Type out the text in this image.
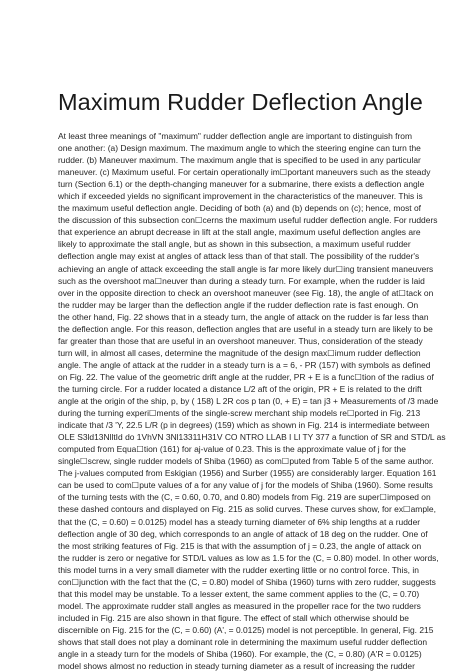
Maximum Rudder Deflection Angle
At least three meanings of "maximum" rudder deflection angle are important to distinguish from
one another: (a) Design maximum. The maximum angle to which the steering engine can turn the
rudder. (b) Maneuver maximum. The maximum angle that is specified to be used in any particular
maneuver. (c) Maximum useful. For certain operationally im☐portant maneuvers such as the steady
turn (Section 6.1) or the depth-changing maneuver for a submarine, there exists a deflection angle
which if exceeded yields no significant improvement in the characteristics of the maneuver. This is
the maximum useful deflection angle. Deciding of both (a) and (b) depends on (c); hence, most of
the discussion of this subsection con☐cerns the maximum useful rudder deflection angle. For rudders
that experience an abrupt decrease in lift at the stall angle, maximum useful deflection angles are
likely to approximate the stall angle, but as shown in this subsection, a maximum useful rudder
deflection angle may exist at angles of attack less than of that stall. The possibility of the rudder's
achieving an angle of attack exceeding the stall angle is far more likely dur☐ing transient maneuvers
such as the overshoot ma☐neuver than during a steady turn. For example, when the rudder is laid
over in the opposite direction to check an overshoot maneuver (see Fig. 18), the angle of at☐tack on
the rudder may be larger than the deflection angle if the rudder deflection rate is fast enough. On
the other hand, Fig. 22 shows that in a steady turn, the angle of attack on the rudder is far less than
the deflection angle. For this reason, deflection angles that are useful in a steady turn are likely to be
far greater than those that are useful in an overshoot maneuver. Thus, consideration of the steady
turn will, in almost all cases, determine the magnitude of the design max☐imum rudder deflection
angle. The angle of attack at the rudder in a steady turn is a = 6, - PR (157) with symbols as defined
on Fig. 22. The value of the geometric drift angle at the rudder, PR + E is a func☐tion of the radius of
the turning circle. For a rudder located a distance L/2 aft of the origin, PR + E is related to the drift
angle at the origin of the ship, p, by ( 158) L 2R cos p tan (0, + E) = tan j3 + Measurements of /3 made
during the turning experi☐ments of the single-screw merchant ship models re☐ported in Fig. 213
indicate that /3 'Y, 22.5 L/R (p in degrees) (159) which as shown in Fig. 214 is intermediate between
OLE S3ld13NlltId do 1VhVN 3Nl13311H31V CO NTRO LLAB I Ll TY 377 a function of SR and STD/L as
computed from Equa☐tion (161) for aj-value of 0.23. This is the approximate value of j for the
single☐screw, single rudder models of Shiba (1960) as com☐puted from Table 5 of the same author.
The j-values computed from Eskigian (1956) and Surber (1955) are considerably larger. Equation 161
can be used to com☐pute values of a for any value of j for the models of Shiba (1960). Some results
of the turning tests with the (C, = 0.60, 0.70, and 0.80) models from Fig. 219 are super☐imposed on
these dashed contours and displayed on Fig. 215 as solid curves. These curves show, for ex☐ample,
that the (C, = 0.60) = 0.0125) model has a steady turning diameter of 6% ship lengths at a rudder
deflection angle of 30 deg, which corresponds to an angle of attack of 18 deg on the rudder. One of
the most striking features of Fig. 215 is that with the assumption of j = 0.23, the angle of attack on
the rudder is zero or negative for STD/L values as low as 1.5 for the (C, = 0.80) model. In other words,
this model turns in a very small diameter with the rudder exerting little or no control force. This, in
con☐junction with the fact that the (C, = 0.80) model of Shiba (1960) turns with zero rudder, suggests
that this model may be unstable. To a lesser extent, the same comment applies to the (C, = 0.70)
model. The approximate rudder stall angles as measured in the propeller race for the two rudders
included in Fig. 215 are also shown in that figure. The effect of stall which otherwise should be
discernible on Fig. 215 for the (C, = 0.60) (A', = 0.0125) model is not perceptible. In general, Fig. 215
shows that stall does not play a dominant role in determining the maximum useful rudder deflection
angle in a steady turn for the models of Shiba (1960). For example, the (C, = 0.80) (A'R = 0.0125)
model shows almost no reduction in steady turning diameter as a result of increasing the rudder
